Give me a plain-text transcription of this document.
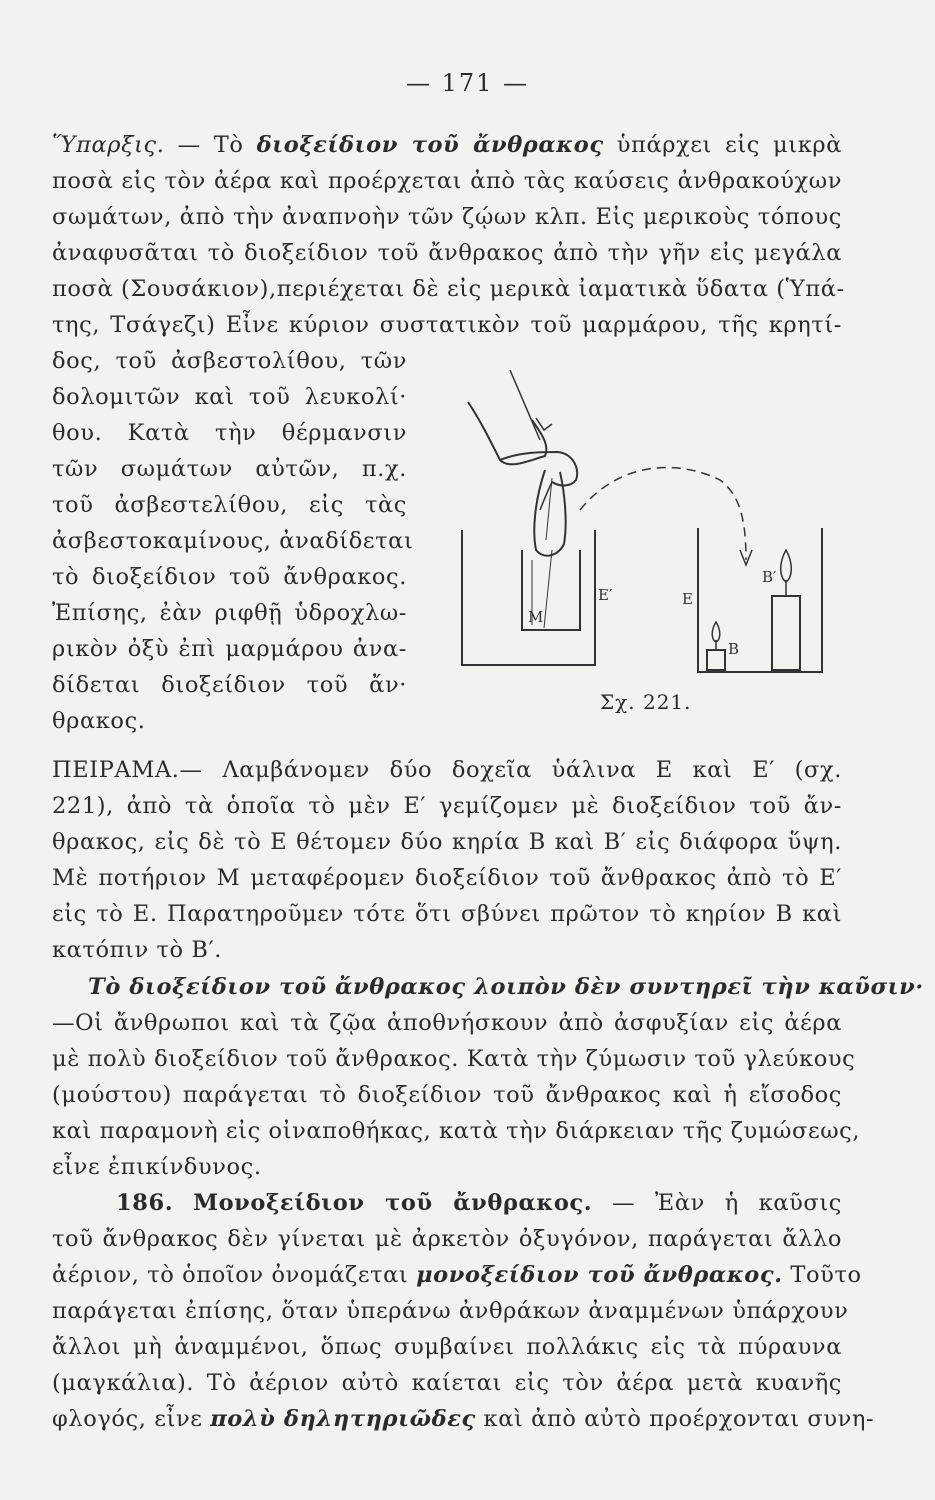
— 171 —
Ὕπαρξις. — Τὸ διοξείδιον τοῦ ἄνθρακος ὑπάρχει εἰς μικρὰ
ποσὰ εἰς τὸν ἀέρα καὶ προέρχεται ἀπὸ τὰς καύσεις ἀνθρακούχων
σωμάτων, ἀπὸ τὴν ἀναπνοὴν τῶν ζῴων κλπ. Εἰς μερικοὺς τόπους
ἀναφυσᾶται τὸ διοξείδιον τοῦ ἄνθρακος ἀπὸ τὴν γῆν εἰς μεγάλα
ποσὰ (Σουσάκιον),περιέχεται δὲ εἰς μερικὰ ἰαματικὰ ὕδατα (Ὑπά-
της, Τσάγεζι) Εἶνε κύριον συστατικὸν τοῦ μαρμάρου, τῆς κρητί-
δος, τοῦ ἀσβεστολίθου, τῶν
δολομιτῶν καὶ τοῦ λευκολί·
θου. Κατὰ τὴν θέρμανσιν
τῶν σωμάτων αὐτῶν, π.χ.
τοῦ ἀσβεστελίθου, εἰς τὰς
ἀσβεστοκαμίνους, ἀναδίδεται
τὸ διοξείδιον τοῦ ἄνθρακος.
Ἐπίσης, ἐὰν ριφθῇ ὑδροχλω-
ρικὸν ὀξὺ ἐπὶ μαρμάρου ἀνα-
δίδεται διοξείδιον τοῦ ἄν·
θρακος.
Μ
Ε′	Ε
Β
Β′
Σχ. 221.
ΠΕΙΡΑΜΑ.— Λαμβάνομεν δύο δοχεῖα ὑάλινα Ε καὶ Ε′ (σχ.
221), ἀπὸ τὰ ὁποῖα τὸ μὲν Ε′ γεμίζομεν μὲ διοξείδιον τοῦ ἄν-
θρακος, εἰς δὲ τὸ Ε θέτομεν δύο κηρία Β καὶ Β′ εἰς διάφορα ὕψη.
Μὲ ποτήριον Μ μεταφέρομεν διοξείδιον τοῦ ἄνθρακος ἀπὸ τὸ Ε′
εἰς τὸ Ε. Παρατηροῦμεν τότε ὅτι σβύνει πρῶτον τὸ κηρίον Β καὶ
κατόπιν τὸ Β′.
Τὸ διοξείδιον τοῦ ἄνθρακος λοιπὸν δὲν συντηρεῖ τὴν καῦσιν·
—Οἱ ἄνθρωποι καὶ τὰ ζῷα ἀποθνήσκουν ἀπὸ ἀσφυξίαν εἰς ἀέρα
μὲ πολὺ διοξείδιον τοῦ ἄνθρακος. Κατὰ τὴν ζύμωσιν τοῦ γλεύκους
(μούστου) παράγεται τὸ διοξείδιον τοῦ ἄνθρακος καὶ ἡ εἴσοδος
καὶ παραμονὴ εἰς οἰναποθήκας, κατὰ τὴν διάρκειαν τῆς ζυμώσεως,
εἶνε ἐπικίνδυνος.
186. Μονοξείδιον τοῦ ἄνθρακος. — Ἐὰν ἡ καῦσις
τοῦ ἄνθρακος δὲν γίνεται μὲ ἀρκετὸν ὀξυγόνον, παράγεται ἄλλο
ἀέριον, τὸ ὁποῖον ὀνομάζεται μονοξείδιον τοῦ ἄνθρακος. Τοῦτο
παράγεται ἐπίσης, ὅταν ὑπεράνω ἀνθράκων ἀναμμένων ὑπάρχουν
ἄλλοι μὴ ἀναμμένοι, ὅπως συμβαίνει πολλάκις εἰς τὰ πύραυνα
(μαγκάλια). Τὸ ἀέριον αὐτὸ καίεται εἰς τὸν ἀέρα μετὰ κυανῆς
φλογός, εἶνε πολὺ δηλητηριῶδες καὶ ἀπὸ αὐτὸ προέρχονται συνη-
